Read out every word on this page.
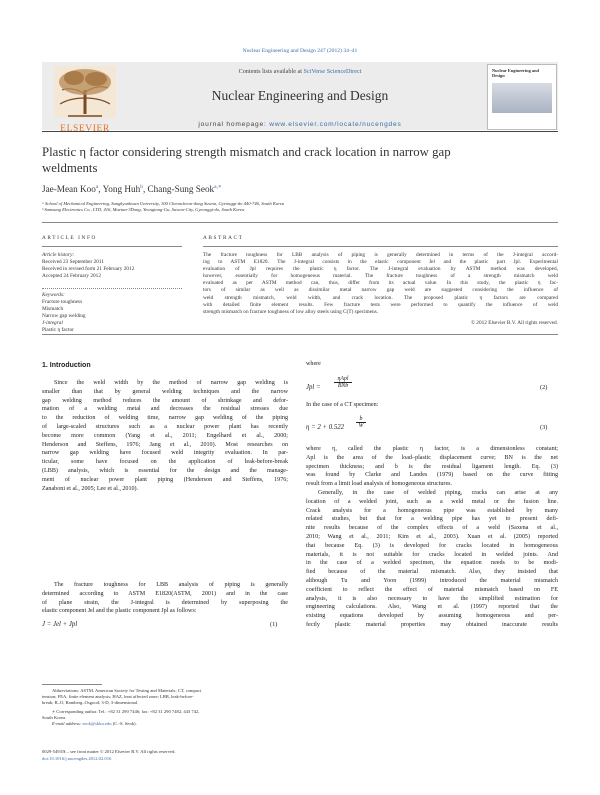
Nuclear Engineering and Design 247 (2012) 34–41
ELSEVIER
Contents lists available at SciVerse ScienceDirect
Nuclear Engineering and Design
journal homepage: www.elsevier.com/locate/nucengdes
Nuclear Engineering and Design
Plastic η factor considering strength mismatch and crack location in narrow gap
weldments
Jae-Mean Koo$^a$, Yong Huh$^b$, Chang-Sung Seok$^{a,∗}$
ᵃ School of Mechanical Engineering, Sungkyunkwan University, 300 Cheoncheon-dong Suwon, Gyeonggi-do 440-746, South Korea
ᵇ Samsung Electronics Co., LTD, 416, Maetan-3Dong, Yeongtong-Gu, Suwon-City, Gyeonggi-do, South Korea
ARTICLE INFO
Article history:
Received 23 September 2011
Received in revised form 21 February 2012
Accepted 24 February 2012
Keywords:
Fracture toughness
Mismatch
Narrow gap welding
J-integral
Plastic η factor
ABSTRACT
The fracture toughness for LBB analysis of piping is generally determined in terms of the J-integral accord-
ing to ASTM E1820. The J-integral consists in the elastic component Jel and the plastic part Jpl. Experimental
evaluation of Jpl requires the plastic η factor. The J-integral evaluation by ASTM method was developed,
however, essentially for homogeneous material. The fracture toughness of a strength mismatch weld
evaluated as per ASTM method can, thus, differ from its actual value. In this study, the plastic η fac-
tors of similar as well as dissimilar metal narrow gap weld are suggested considering the influence of
weld strength mismatch, weld width, and crack location. The proposed plastic η factors are compared
with detailed finite element results. Few fracture tests were performed to quantify the influence of weld
strength mismatch on fracture toughness of low alloy steels using C(T) specimens.
© 2012 Elsevier B.V. All rights reserved.
1. Introduction
Since the weld width by the method of narrow gap welding is
smaller than that by general welding techniques and the narrow
gap welding method reduces the amount of shrinkage and defor-
mation of a welding metal and decreases the residual stresses due
to the reduction of welding time, narrow gap welding of the piping
of large-scaled structures such as a nuclear power plant has recently
become more common (Yang et al., 2011; Engelhard et al., 2000;
Henderson and Steffens, 1976; Jang et al., 2010). Most researches on
narrow gap welding have focused weld integrity evaluation. In par-
ticular, some have focused on the application of leak-before-break
(LBB) analysis, which is essential for the design and the manage-
ment of nuclear power plant piping (Henderson and Steffens, 1976;
Zanaboni et al., 2005; Lee et al., 2010).
The fracture toughness for LBB analysis of piping is generally
determined according to ASTM E1820(ASTM, 2001) and in the case
of plane strain, the J-integral is determined by superposing the
elastic component Jel and the plastic component Jpl as follows:
J = Jel + Jpl	(1)
Abbreviations: ASTM, American Society for Testing and Materials; CT, compact
tension; FEA, finite element analysis; HAZ, heat affected zone; LBB, leak-before-
break; R–O, Ramberg–Osgood; 3-D, 3-dimensional.
∗ Corresponding author. Tel.: +82 31 290 7446; fax: +82 31 290 7482, 443 742,
South Korea.
E-mail address: seok@skku.edu (C.-S. Seok).
0029-5493/$ – see front matter © 2012 Elsevier B.V. All rights reserved.
doi:10.1016/j.nucengdes.2012.02.016
where
Jpl =
ηApl
BNb	(2)
In the case of a CT specimen:
$\eta = 2 + 0.522 \frac{b}{W}$	(3)
where η, called the plastic η factor, is a dimensionless constant;
Apl is the area of the load–plastic displacement curve; BN is the net
specimen thickness; and b is the residual ligament length. Eq. (3)
was found by Clarke and Landes (1979) based on the curve fitting
result from a limit load analysis of homogeneous structures.
Generally, in the case of welded piping, cracks can arise at any
location of a welded joint, such as a weld metal or the fusion line.
Crack analysis for a homogeneous pipe was established by many
related studies, but that for a welding pipe has yet to present defi-
nite results because of the complex effects of a weld (Saxena et al.,
2010; Wang et al., 2011; Kim et al., 2003). Xuan et al. (2005) reported
that because Eq. (3) is developed for cracks located in homogeneous
materials, it is not suitable for cracks located in welded joints. And
in the case of a welded specimen, the equation needs to be modi-
fied because of the material mismatch. Also, they insisted that
although Tu and Yoon (1999) introduced the material mismatch
coefficient to reflect the effect of material mismatch based on FE
analysis, it is also necessary to have the simplified estimation for
engineering calculations. Also, Wang et al. (1997) reported that the
existing equations developed by assuming homogeneous and per-
fectly plastic material properties may obtained inaccurate results
